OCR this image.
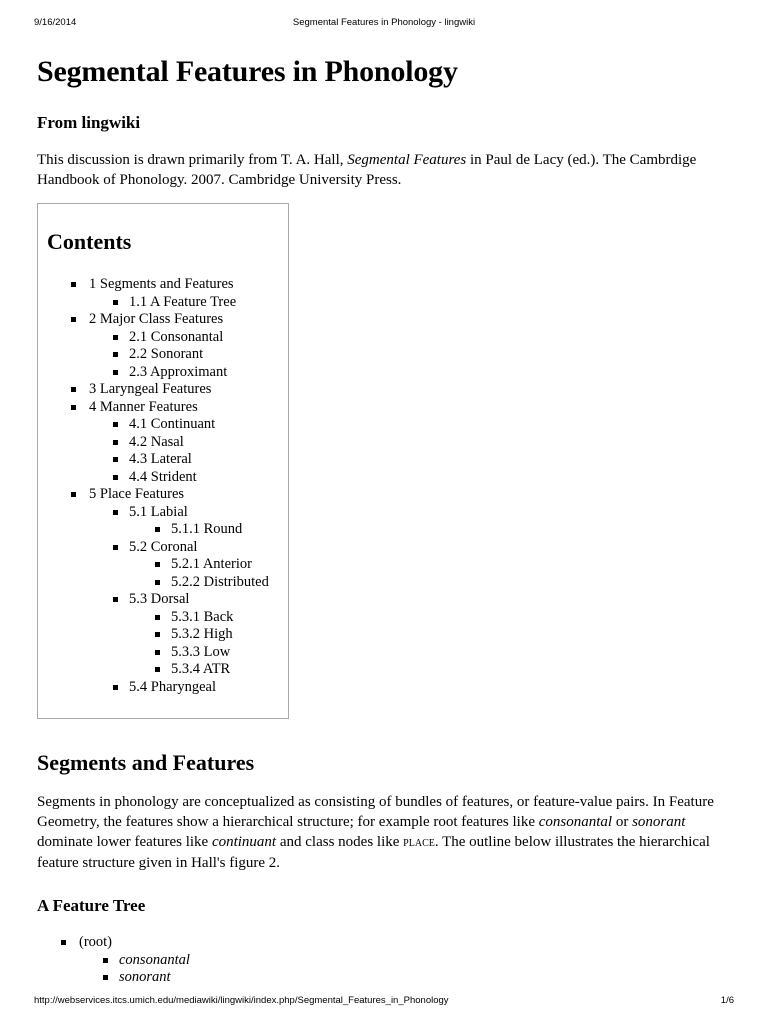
9/16/2014	Segmental Features in Phonology - lingwiki
Segmental Features in Phonology
From lingwiki

This discussion is drawn primarily from T. A. Hall, Segmental Features in Paul de Lacy (ed.). The Cambrdige Handbook of Phonology. 2007. Cambridge University Press.

Contents
1 Segments and Features
1.1 A Feature Tree
2 Major Class Features
2.1 Consonantal
2.2 Sonorant
2.3 Approximant
3 Laryngeal Features
4 Manner Features
4.1 Continuant
4.2 Nasal
4.3 Lateral
4.4 Strident
5 Place Features
5.1 Labial
5.1.1 Round
5.2 Coronal
5.2.1 Anterior
5.2.2 Distributed
5.3 Dorsal
5.3.1 Back
5.3.2 High
5.3.3 Low
5.3.4 ATR
5.4 Pharyngeal
Segments and Features

Segments in phonology are conceptualized as consisting of bundles of features, or feature-value pairs. In Feature Geometry, the features show a hierarchical structure; for example root features like consonantal or sonorant dominate lower features like continuant and class nodes like place. The outline below illustrates the hierarchical feature structure given in Hall's figure 2.

A Feature Tree
(root)
consonantal
sonorant
http://webservices.itcs.umich.edu/mediawiki/lingwiki/index.php/Segmental_Features_in_Phonology	1/6
